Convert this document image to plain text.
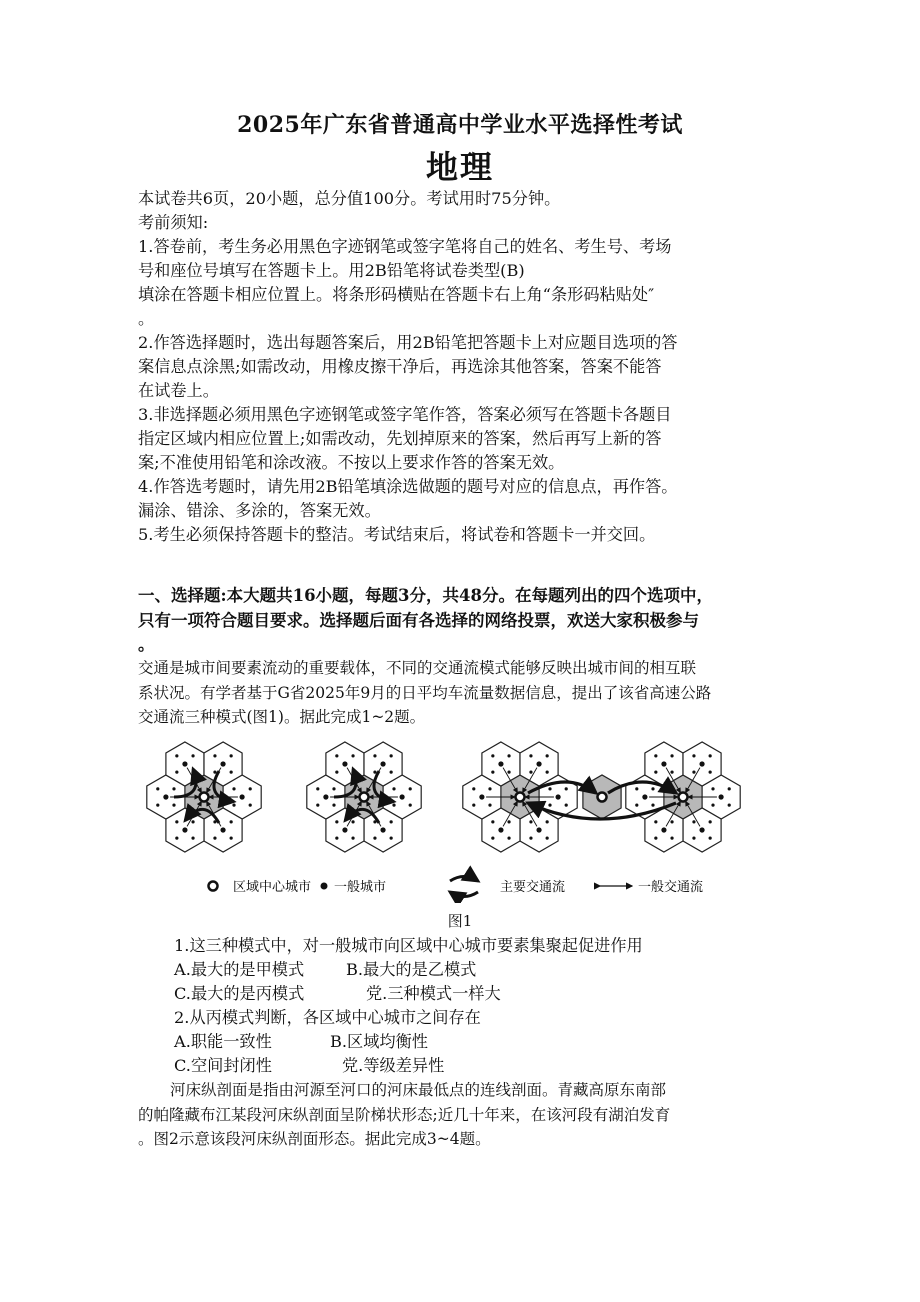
2025年广东省普通高中学业水平选择性考试
地理
本试卷共6页，20小题，总分值100分。考试用时75分钟。
考前须知:
1.答卷前，考生务必用黑色字迹钢笔或签字笔将自己的姓名、考生号、考场
号和座位号填写在答题卡上。用2B铅笔将试卷类型(B)
填涂在答题卡相应位置上。将条形码横贴在答题卡右上角“条形码粘贴处″
。
2.作答选择题时，选出每题答案后，用2B铅笔把答题卡上对应题目选项的答
案信息点涂黑;如需改动，用橡皮擦干净后，再选涂其他答案，答案不能答
在试卷上。
3.非选择题必须用黑色字迹钢笔或签字笔作答，答案必须写在答题卡各题目
指定区域内相应位置上;如需改动，先划掉原来的答案，然后再写上新的答
案;不准使用铅笔和涂改液。不按以上要求作答的答案无效。
4.作答选考题时，请先用2B铅笔填涂选做题的题号对应的信息点，再作答。
漏涂、错涂、多涂的，答案无效。
5.考生必须保持答题卡的整洁。考试结束后，将试卷和答题卡一并交回。
一、选择题:本大题共16小题，每题3分，共48分。在每题列出的四个选项中，
只有一项符合题目要求。选择题后面有各选择的网络投票，欢送大家积极参与
。
交通是城市间要素流动的重要载体，不同的交通流模式能够反映出城市间的相互联
系状况。有学者基于G省2025年9月的日平均车流量数据信息，提出了该省高速公路
交通流三种模式(图1)。据此完成1~2题。
区域中心城市 一般城市	主要交通流	一般交通流
图1
1.这三种模式中，对一般城市向区域中心城市要素集聚起促进作用
A.最大的是甲模式	B.最大的是乙模式
C.最大的是丙模式	党.三种模式一样大
2.从丙模式判断，各区域中心城市之间存在
A.职能一致性	B.区域均衡性
C.空间封闭性	党.等级差异性
河床纵剖面是指由河源至河口的河床最低点的连线剖面。青藏高原东南部
的帕隆藏布江某段河床纵剖面呈阶梯状形态;近几十年来，在该河段有湖泊发育
。图2示意该段河床纵剖面形态。据此完成3~4题。
